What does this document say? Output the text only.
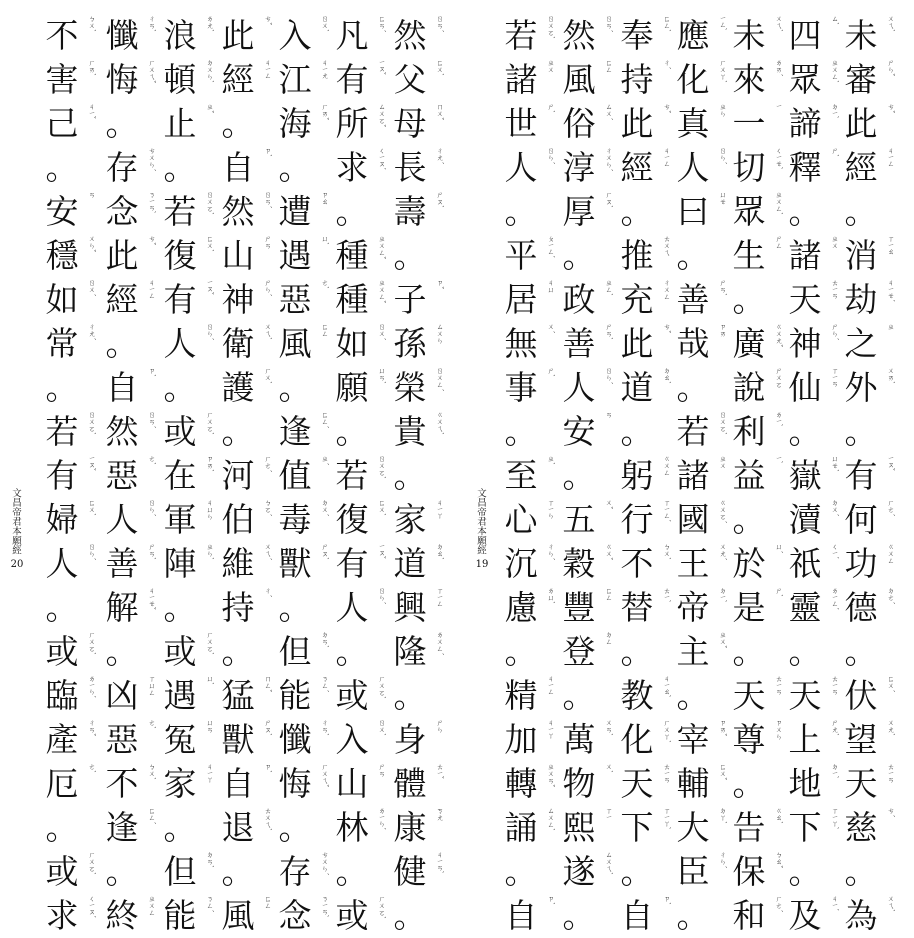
文昌帝君本願經
20
然	ㄖㄢˊ
父	ㄈㄨˋ
母	ㄇㄨˇ
長	ㄔㄤˊ
壽	ㄕㄡˋ
。
子	ㄗˇ
孫	ㄙㄨㄣ
榮	ㄖㄨㄥˊ
貴	ㄍㄨㄟˋ
。
家	ㄐㄧㄚ
道	ㄉㄠˋ
興	ㄒㄧㄥ
隆	ㄌㄨㄥˊ
。
身	ㄕㄣ
體	ㄊㄧˇ
康	ㄎㄤ
健	ㄐㄧㄢˋ
。
凡	ㄈㄢˊ
有	ㄧㄡˇ
所	ㄙㄨㄛˇ
求	ㄑㄧㄡˊ
。
種	ㄓㄨㄥˇ
種	ㄓㄨㄥˇ
如	ㄖㄨˊ
願	ㄩㄢˋ
。
若	ㄖㄨㄛˋ
復	ㄈㄨˋ
有	ㄧㄡˇ
人	ㄖㄣˊ
。
或	ㄏㄨㄛˋ
入	ㄖㄨˋ
山	ㄕㄢ
林	ㄌㄧㄣˊ
。
或	ㄏㄨㄛˋ
入	ㄖㄨˋ
江	ㄐㄧㄤ
海	ㄏㄞˇ
。
遭	ㄗㄠ
遇	ㄩˋ
惡	ㄜˋ
風	ㄈㄥ
。
逢	ㄈㄥˊ
值	ㄓˊ
毒	ㄉㄨˊ
獸	ㄕㄡˋ
。
但	ㄉㄢˋ
能	ㄋㄥˊ
懺	ㄔㄢˋ
悔	ㄏㄨㄟˇ
。
存	ㄘㄨㄣˊ
念	ㄋㄧㄢˋ
此	ㄘˇ
經	ㄐㄧㄥ
。
自	ㄗˋ
然	ㄖㄢˊ
山	ㄕㄢ
神	ㄕㄣˊ
衛	ㄨㄟˋ
護	ㄏㄨˋ
。
河	ㄏㄜˊ
伯	ㄅㄛˊ
維	ㄨㄟˊ
持	ㄔˊ
。
猛	ㄇㄥˇ
獸	ㄕㄡˋ
自	ㄗˋ
退	ㄊㄨㄟˋ
。
風	ㄈㄥ
浪	ㄌㄤˋ
頓	ㄉㄨㄣˋ
止	ㄓˇ
。
若	ㄖㄨㄛˋ
復	ㄈㄨˋ
有	ㄧㄡˇ
人	ㄖㄣˊ
。
或	ㄏㄨㄛˋ
在	ㄗㄞˋ
軍	ㄐㄩㄣ
陣	ㄓㄣˋ
。
或	ㄏㄨㄛˋ
遇	ㄩˋ
冤	ㄩㄢ
家	ㄐㄧㄚ
。
但	ㄉㄢˋ
能	ㄋㄥˊ
懺	ㄔㄢˋ
悔	ㄏㄨㄟˇ
。
存	ㄘㄨㄣˊ
念	ㄋㄧㄢˋ
此	ㄘˇ
經	ㄐㄧㄥ
。
自	ㄗˋ
然	ㄖㄢˊ
惡	ㄜˋ
人	ㄖㄣˊ
善	ㄕㄢˋ
解	ㄐㄧㄝˇ
。
凶	ㄒㄩㄥ
惡	ㄜˋ
不	ㄅㄨˋ
逢	ㄈㄥˊ
。
終	ㄓㄨㄥ
不	ㄅㄨˋ
害	ㄏㄞˋ
己	ㄐㄧˇ
。
安	ㄢ
穩	ㄨㄣˇ
如	ㄖㄨˊ
常	ㄔㄤˊ
。
若	ㄖㄨㄛˋ
有	ㄧㄡˇ
婦	ㄈㄨˋ
人	ㄖㄣˊ
。
或	ㄏㄨㄛˋ
臨	ㄌㄧㄣˊ
產	ㄔㄢˇ
厄	ㄜˋ
。
或	ㄏㄨㄛˋ
求	ㄑㄧㄡˊ
文昌帝君本願經
19
未	ㄨㄟˋ
審	ㄕㄣˇ
此	ㄘˇ
經	ㄐㄧㄥ
。
消	ㄒㄧㄠ
劫	ㄐㄧㄝˊ
之	ㄓ
外	ㄨㄞˋ
。
有	ㄧㄡˇ
何	ㄏㄜˊ
功	ㄍㄨㄥ
德	ㄉㄜˊ
。
伏	ㄈㄨˊ
望	ㄨㄤˋ
天	ㄊㄧㄢ
慈	ㄘˊ
。
為	ㄨㄟˋ
四	ㄙˋ
眾	ㄓㄨㄥˋ
諦	ㄉㄧˋ
釋	ㄕˋ
。
諸	ㄓㄨ
天	ㄊㄧㄢ
神	ㄕㄣˊ
仙	ㄒㄧㄢ
。
嶽	ㄩㄝˋ
瀆	ㄉㄨˊ
祇	ㄑㄧˊ
靈	ㄌㄧㄥˊ
。
天	ㄊㄧㄢ
上	ㄕㄤˋ
地	ㄉㄧˋ
下	ㄒㄧㄚˋ
。
及	ㄐㄧˊ
未	ㄨㄟˋ
來	ㄌㄞˊ
一	ㄧ
切	ㄑㄧㄝˋ
眾	ㄓㄨㄥˋ
生	ㄕㄥ
。
廣	ㄍㄨㄤˇ
說	ㄕㄨㄛ
利	ㄌㄧˋ
益	ㄧˋ
。
於	ㄩˊ
是	ㄕˋ
。
天	ㄊㄧㄢ
尊	ㄗㄨㄣ
。
告	ㄍㄠˋ
保	ㄅㄠˇ
和	ㄏㄜˊ
應	ㄧㄥˋ
化	ㄏㄨㄚˋ
真	ㄓㄣ
人	ㄖㄣˊ
曰	ㄩㄝ
。
善	ㄕㄢˋ
哉	ㄗㄞ
。
若	ㄖㄨㄛˋ
諸	ㄓㄨ
國	ㄍㄨㄛˊ
王	ㄨㄤˊ
帝	ㄉㄧˋ
主	ㄓㄨˇ
。
宰	ㄗㄞˇ
輔	ㄈㄨˇ
大	ㄉㄚˋ
臣	ㄔㄣˊ
。
奉	ㄈㄥˋ
持	ㄔˊ
此	ㄘˇ
經	ㄐㄧㄥ
。
推	ㄊㄨㄟ
充	ㄔㄨㄥ
此	ㄘˇ
道	ㄉㄠˋ
。
躬	ㄍㄨㄥ
行	ㄒㄧㄥˊ
不	ㄅㄨˋ
替	ㄊㄧˋ
。
教	ㄐㄧㄠˋ
化	ㄏㄨㄚˋ
天	ㄊㄧㄢ
下	ㄒㄧㄚˋ
。
自	ㄗˋ
然	ㄖㄢˊ
風	ㄈㄥ
俗	ㄙㄨˊ
淳	ㄔㄨㄣˊ
厚	ㄏㄡˋ
。
政	ㄓㄥˋ
善	ㄕㄢˋ
人	ㄖㄣˊ
安	ㄢ
。
五	ㄨˇ
穀	ㄍㄨˇ
豐	ㄈㄥ
登	ㄉㄥ
。
萬	ㄨㄢˋ
物	ㄨˋ
熙	ㄒㄧ
遂	ㄙㄨㄟˋ
。
若	ㄖㄨㄛˋ
諸	ㄓㄨ
世	ㄕˋ
人	ㄖㄣˊ
。
平	ㄆㄧㄥˊ
居	ㄐㄩ
無	ㄨˊ
事	ㄕˋ
。
至	ㄓˋ
心	ㄒㄧㄣ
沉	ㄔㄣˊ
慮	ㄌㄩˋ
。
精	ㄐㄧㄥ
加	ㄐㄧㄚ
轉	ㄓㄨㄢˇ
誦	ㄙㄨㄥˋ
。
自	ㄗˋ
